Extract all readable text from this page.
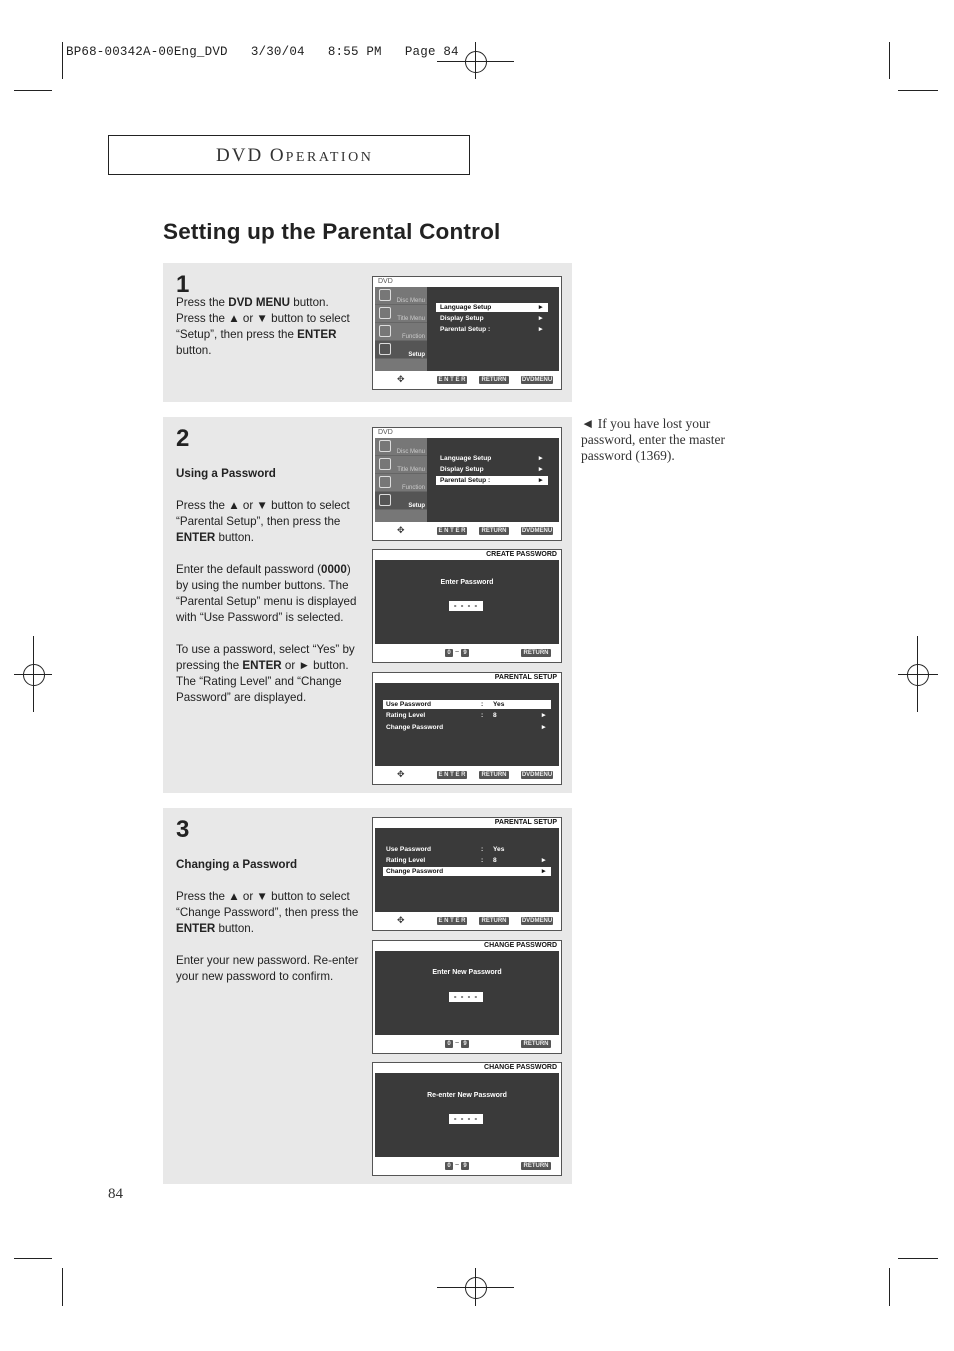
BP68-00342A-00Eng_DVD   3/30/04   8:55 PM   Page 84
DVD OPERATION
Setting up the Parental Control
1
Press the DVD MENU button.
Press the ▲ or ▼ button to select “Setup”, then press the ENTER button.
DVD
Disc Menu
Title Menu
Function
Setup
Language Setup	►
Display Setup	►
Parental Setup :	►
✥	E N T E R	RETURN	DVDMENU
2

Using a Password

Press the ▲ or ▼ button to select “Parental Setup”, then press the ENTER button.

Enter the default password (0000) by using the number buttons. The “Parental Setup” menu is displayed with “Use Password” is selected.

To use a password, select “Yes” by pressing the ENTER or ► button. The “Rating Level” and “Change Password” are displayed.

DVD
Disc Menu
Title Menu
Function
Setup
Language Setup	►
Display Setup	►
Parental Setup :	►
✥	E N T E R	RETURN	DVDMENU
CREATE PASSWORD
Enter Password
- - - -
0 ~ 9	RETURN
PARENTAL SETUP
Use Password	: Yes
Rating Level	: 8	►
Change Password	►
✥	E N T E R	RETURN	DVDMENU
◄ If you have lost your password, enter the master password (1369).
3

Changing a Password

Press the ▲ or ▼ button to select “Change Password”, then press the ENTER button.

Enter your new password. Re-enter your new password to confirm.

PARENTAL SETUP
Use Password	: Yes
Rating Level	: 8	►
Change Password	►
✥	E N T E R	RETURN	DVDMENU
CHANGE PASSWORD
Enter New Password
- - - -
0 ~ 9	RETURN
CHANGE PASSWORD
Re-enter New Password
- - - -
0 ~ 9	RETURN
84
